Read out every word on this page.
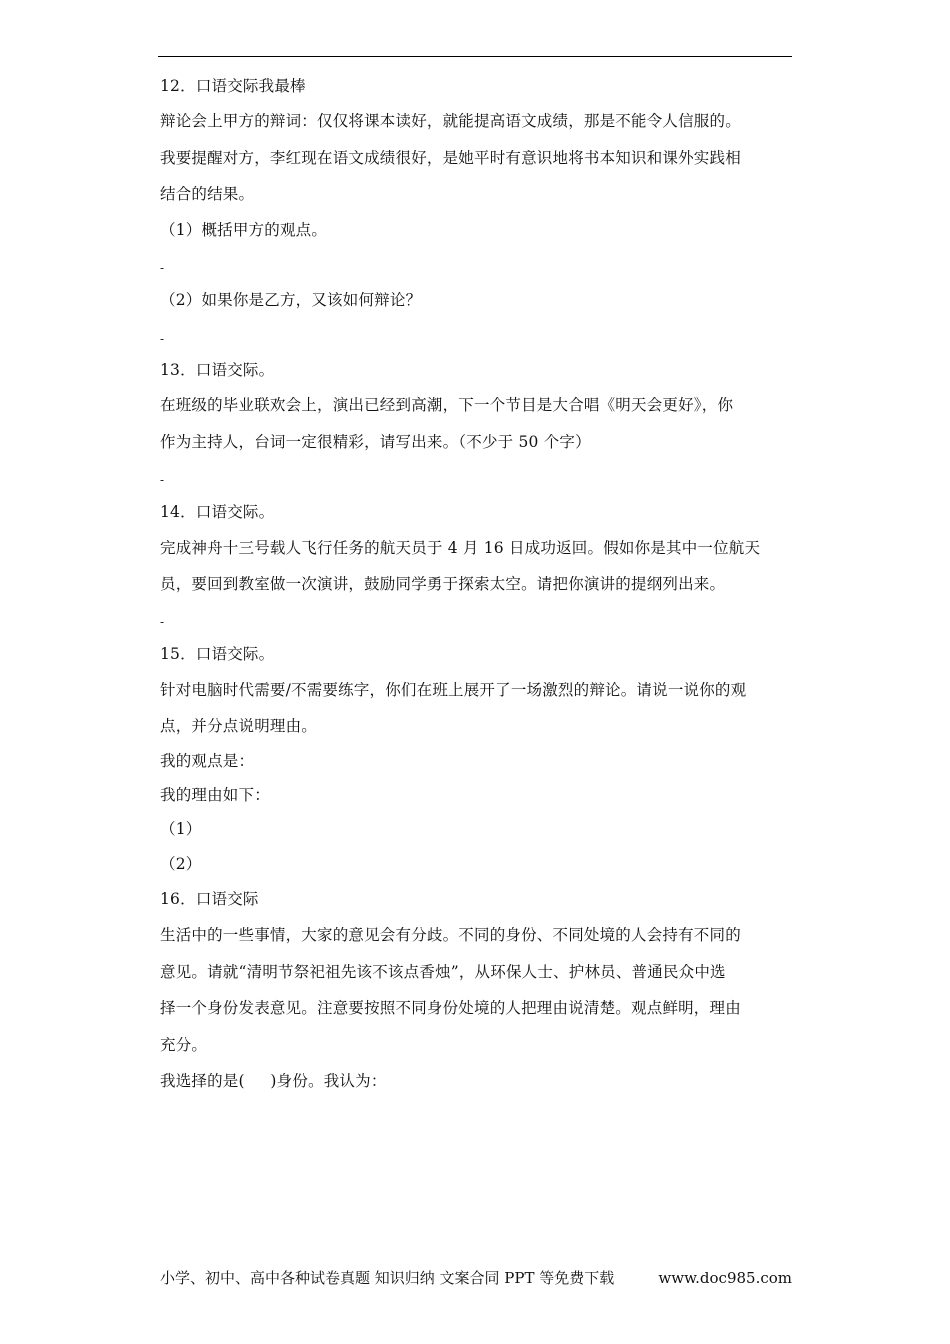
12．口语交际我最棒
辩论会上甲方的辩词：仅仅将课本读好，就能提高语文成绩，那是不能令人信服的。
我要提醒对方，李红现在语文成绩很好，是她平时有意识地将书本知识和课外实践相
结合的结果。
（1）概括甲方的观点。
-
（2）如果你是乙方，又该如何辩论？
-
13．口语交际。
在班级的毕业联欢会上，演出已经到高潮，下一个节目是大合唱《明天会更好》，你
作为主持人，台词一定很精彩，请写出来。（不少于 50 个字）
-
14．口语交际。
完成神舟十三号载人飞行任务的航天员于 4 月 16 日成功返回。假如你是其中一位航天
员，要回到教室做一次演讲，鼓励同学勇于探索太空。请把你演讲的提纲列出来。
-
15．口语交际。
针对电脑时代需要/不需要练字，你们在班上展开了一场激烈的辩论。请说一说你的观
点，并分点说明理由。
我的观点是：
我的理由如下：
（1）
（2）
16．口语交际
生活中的一些事情，大家的意见会有分歧。不同的身份、不同处境的人会持有不同的
意见。请就“清明节祭祀祖先该不该点香烛”，从环保人士、护林员、普通民众中选
择一个身份发表意见。注意要按照不同身份处境的人把理由说清楚。观点鲜明，理由
充分。
我选择的是(     )身份。我认为：
小学、初中、高中各种试卷真题 知识归纳 文案合同 PPT 等免费下载	www.doc985.com
